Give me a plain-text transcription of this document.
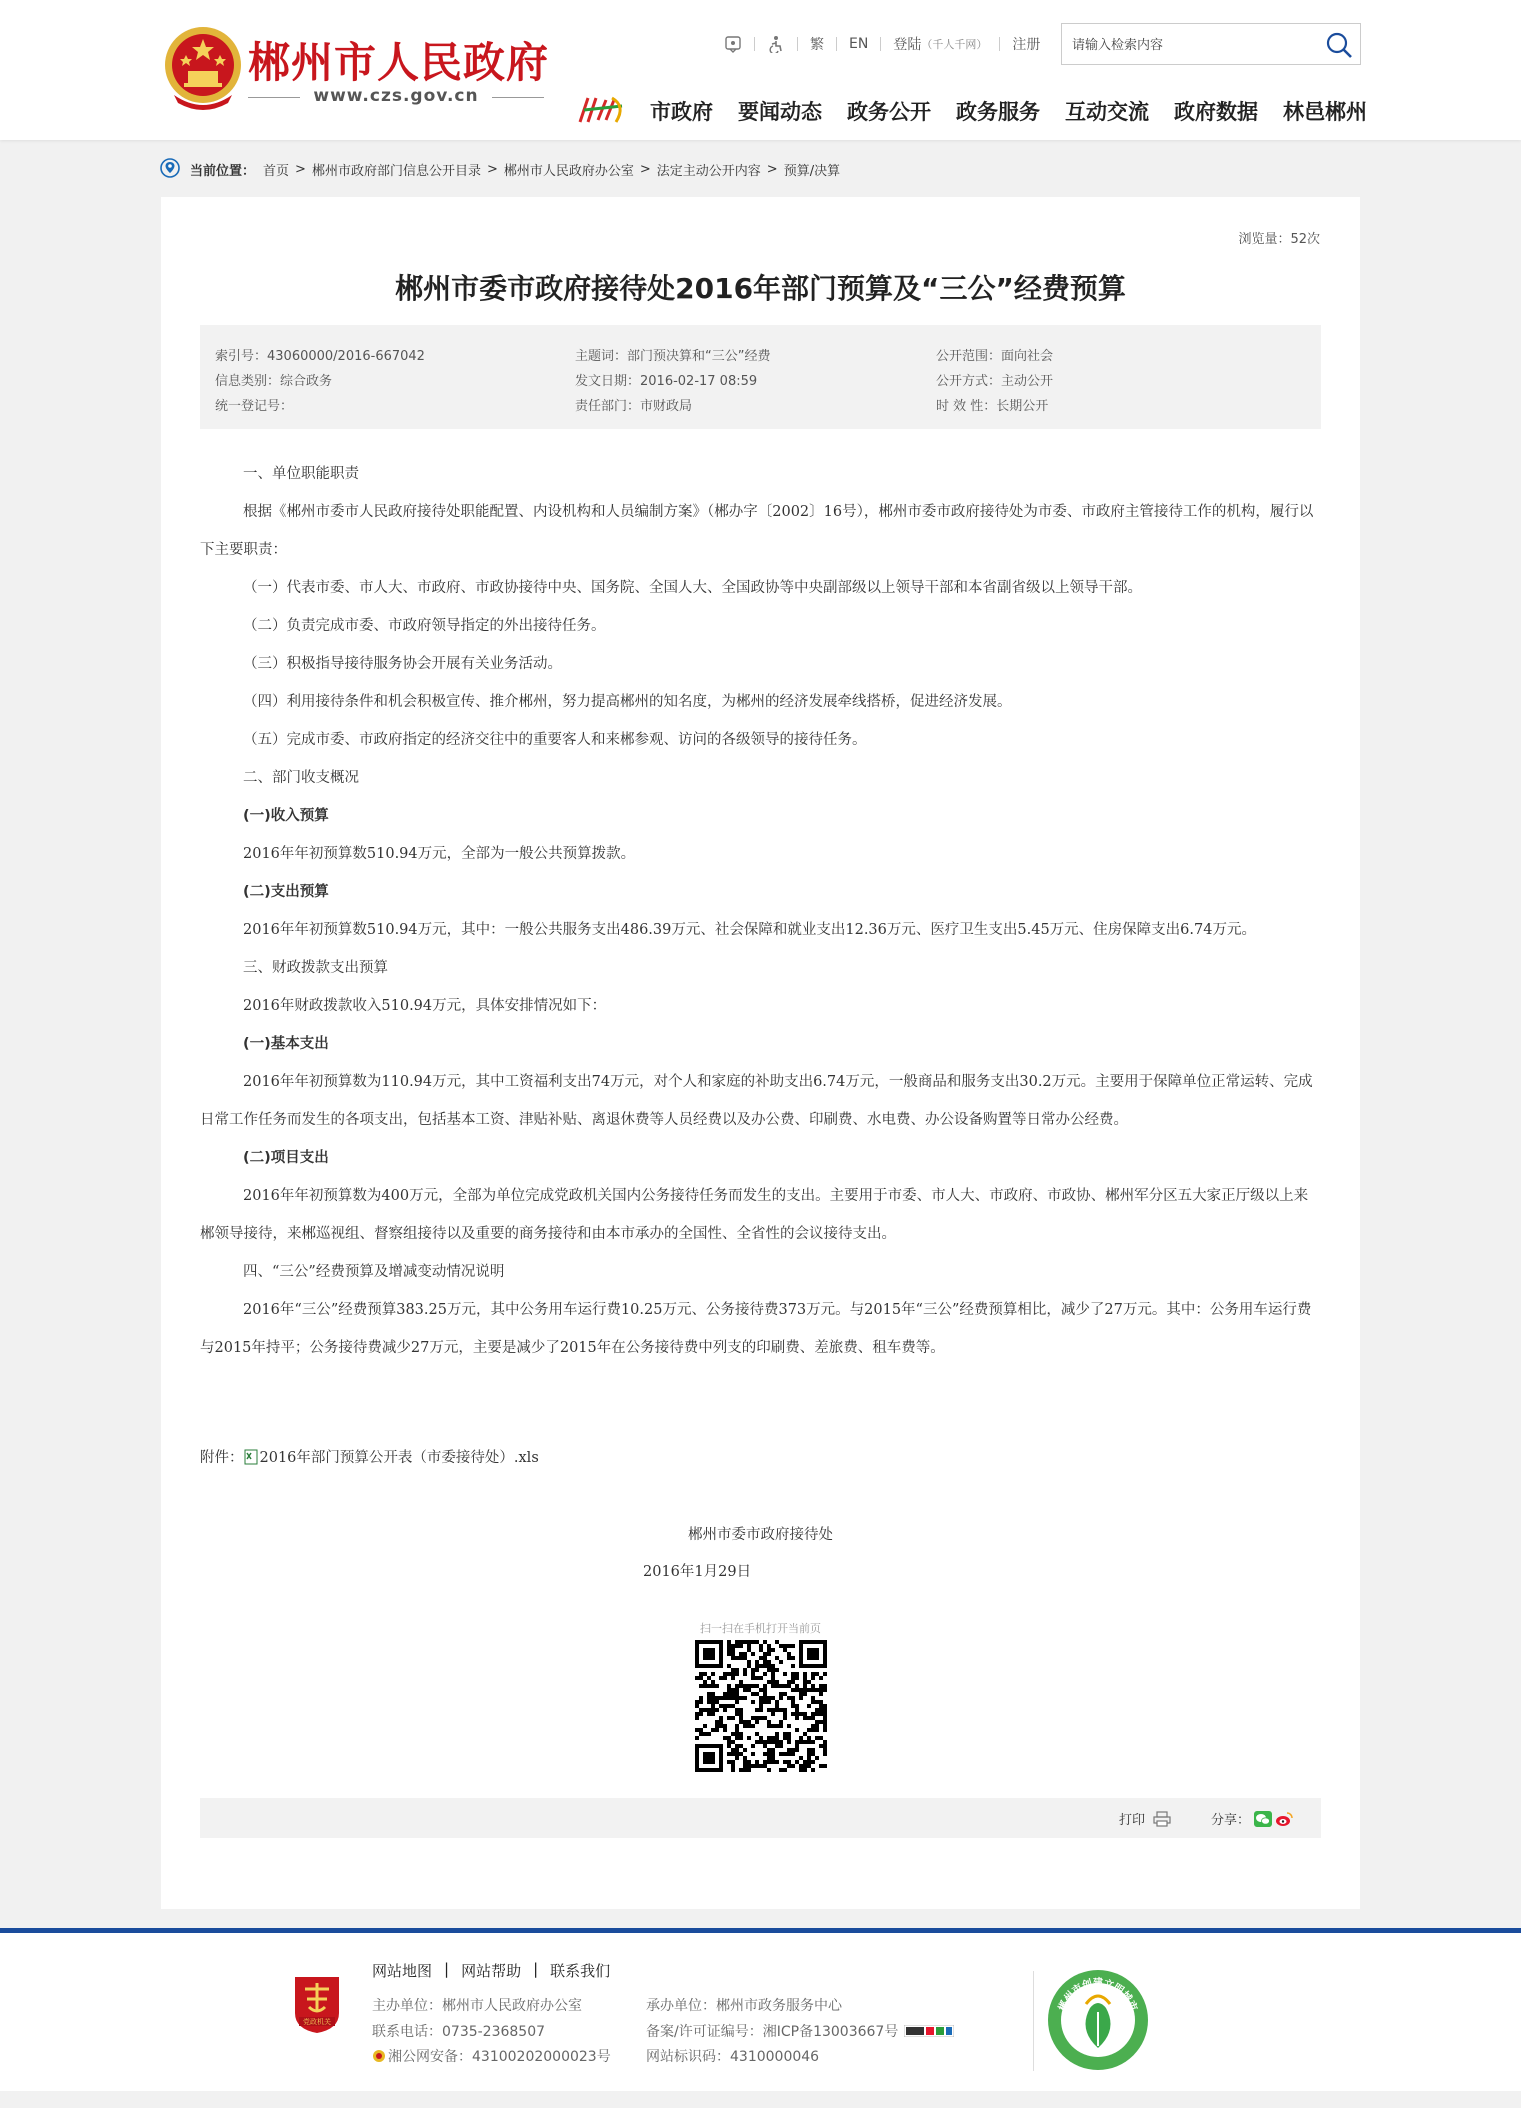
郴州市人民政府
www.czs.gov.cn
繁 EN 登陆 （千人千网） 注册
请输入检索内容
市政府 要闻动态 政务公开 政务服务 互动交流 政府数据 林邑郴州
当前位置： 首页 > 郴州市政府部门信息公开目录 > 郴州市人民政府办公室 > 法定主动公开内容 > 预算/决算
浏览量：52次
郴州市委市政府接待处2016年部门预算及“三公”经费预算
索引号：43060000/2016-667042
信息类别：综合政务
统一登记号：
主题词：部门预决算和“三公”经费
发文日期：2016-02-17 08:59
责任部门：市财政局
公开范围：面向社会
公开方式：主动公开
时 效 性：长期公开

一、单位职能职责

根据《郴州市委市人民政府接待处职能配置、内设机构和人员编制方案》（郴办字〔2002〕16号），郴州市委市政府接待处为市委、市政府主管接待工作的机构，履行以下主要职责：

（一）代表市委、市人大、市政府、市政协接待中央、国务院、全国人大、全国政协等中央副部级以上领导干部和本省副省级以上领导干部。

（二）负责完成市委、市政府领导指定的外出接待任务。

（三）积极指导接待服务协会开展有关业务活动。

（四）利用接待条件和机会积极宣传、推介郴州，努力提高郴州的知名度，为郴州的经济发展牵线搭桥，促进经济发展。

（五）完成市委、市政府指定的经济交往中的重要客人和来郴参观、访问的各级领导的接待任务。

二、部门收支概况

(一)收入预算

2016年年初预算数510.94万元，全部为一般公共预算拨款。

(二)支出预算

2016年年初预算数510.94万元，其中：一般公共服务支出486.39万元、社会保障和就业支出12.36万元、医疗卫生支出5.45万元、住房保障支出6.74万元。

三、财政拨款支出预算

2016年财政拨款收入510.94万元，具体安排情况如下：

(一)基本支出

2016年年初预算数为110.94万元，其中工资福利支出74万元，对个人和家庭的补助支出6.74万元，一般商品和服务支出30.2万元。主要用于保障单位正常运转、完成日常工作任务而发生的各项支出，包括基本工资、津贴补贴、离退休费等人员经费以及办公费、印刷费、水电费、办公设备购置等日常办公经费。

(二)项目支出

2016年年初预算数为400万元，全部为单位完成党政机关国内公务接待任务而发生的支出。主要用于市委、市人大、市政府、市政协、郴州军分区五大家正厅级以上来郴领导接待，来郴巡视组、督察组接待以及重要的商务接待和由本市承办的全国性、全省性的会议接待支出。

四、“三公”经费预算及增减变动情况说明

2016年“三公”经费预算383.25万元，其中公务用车运行费10.25万元、公务接待费373万元。与2015年“三公”经费预算相比，减少了27万元。其中：公务用车运行费与2015年持平；公务接待费减少27万元，主要是减少了2015年在公务接待费中列支的印刷费、差旅费、租车费等。

附件： 2016年部门预算公开表（市委接待处）.xls
郴州市委市政府接待处
2016年1月29日
扫一扫在手机打开当前页
打印	分享：
党政机关
网站地图 | 网站帮助 | 联系我们
主办单位：郴州市人民政府办公室
联系电话：0735-2368507
湘公网安备：43100202000023号
承办单位：郴州市政务服务中心
备案/许可证编号：湘ICP备13003667号
网站标识码：4310000046
郴州市创建文明城市
